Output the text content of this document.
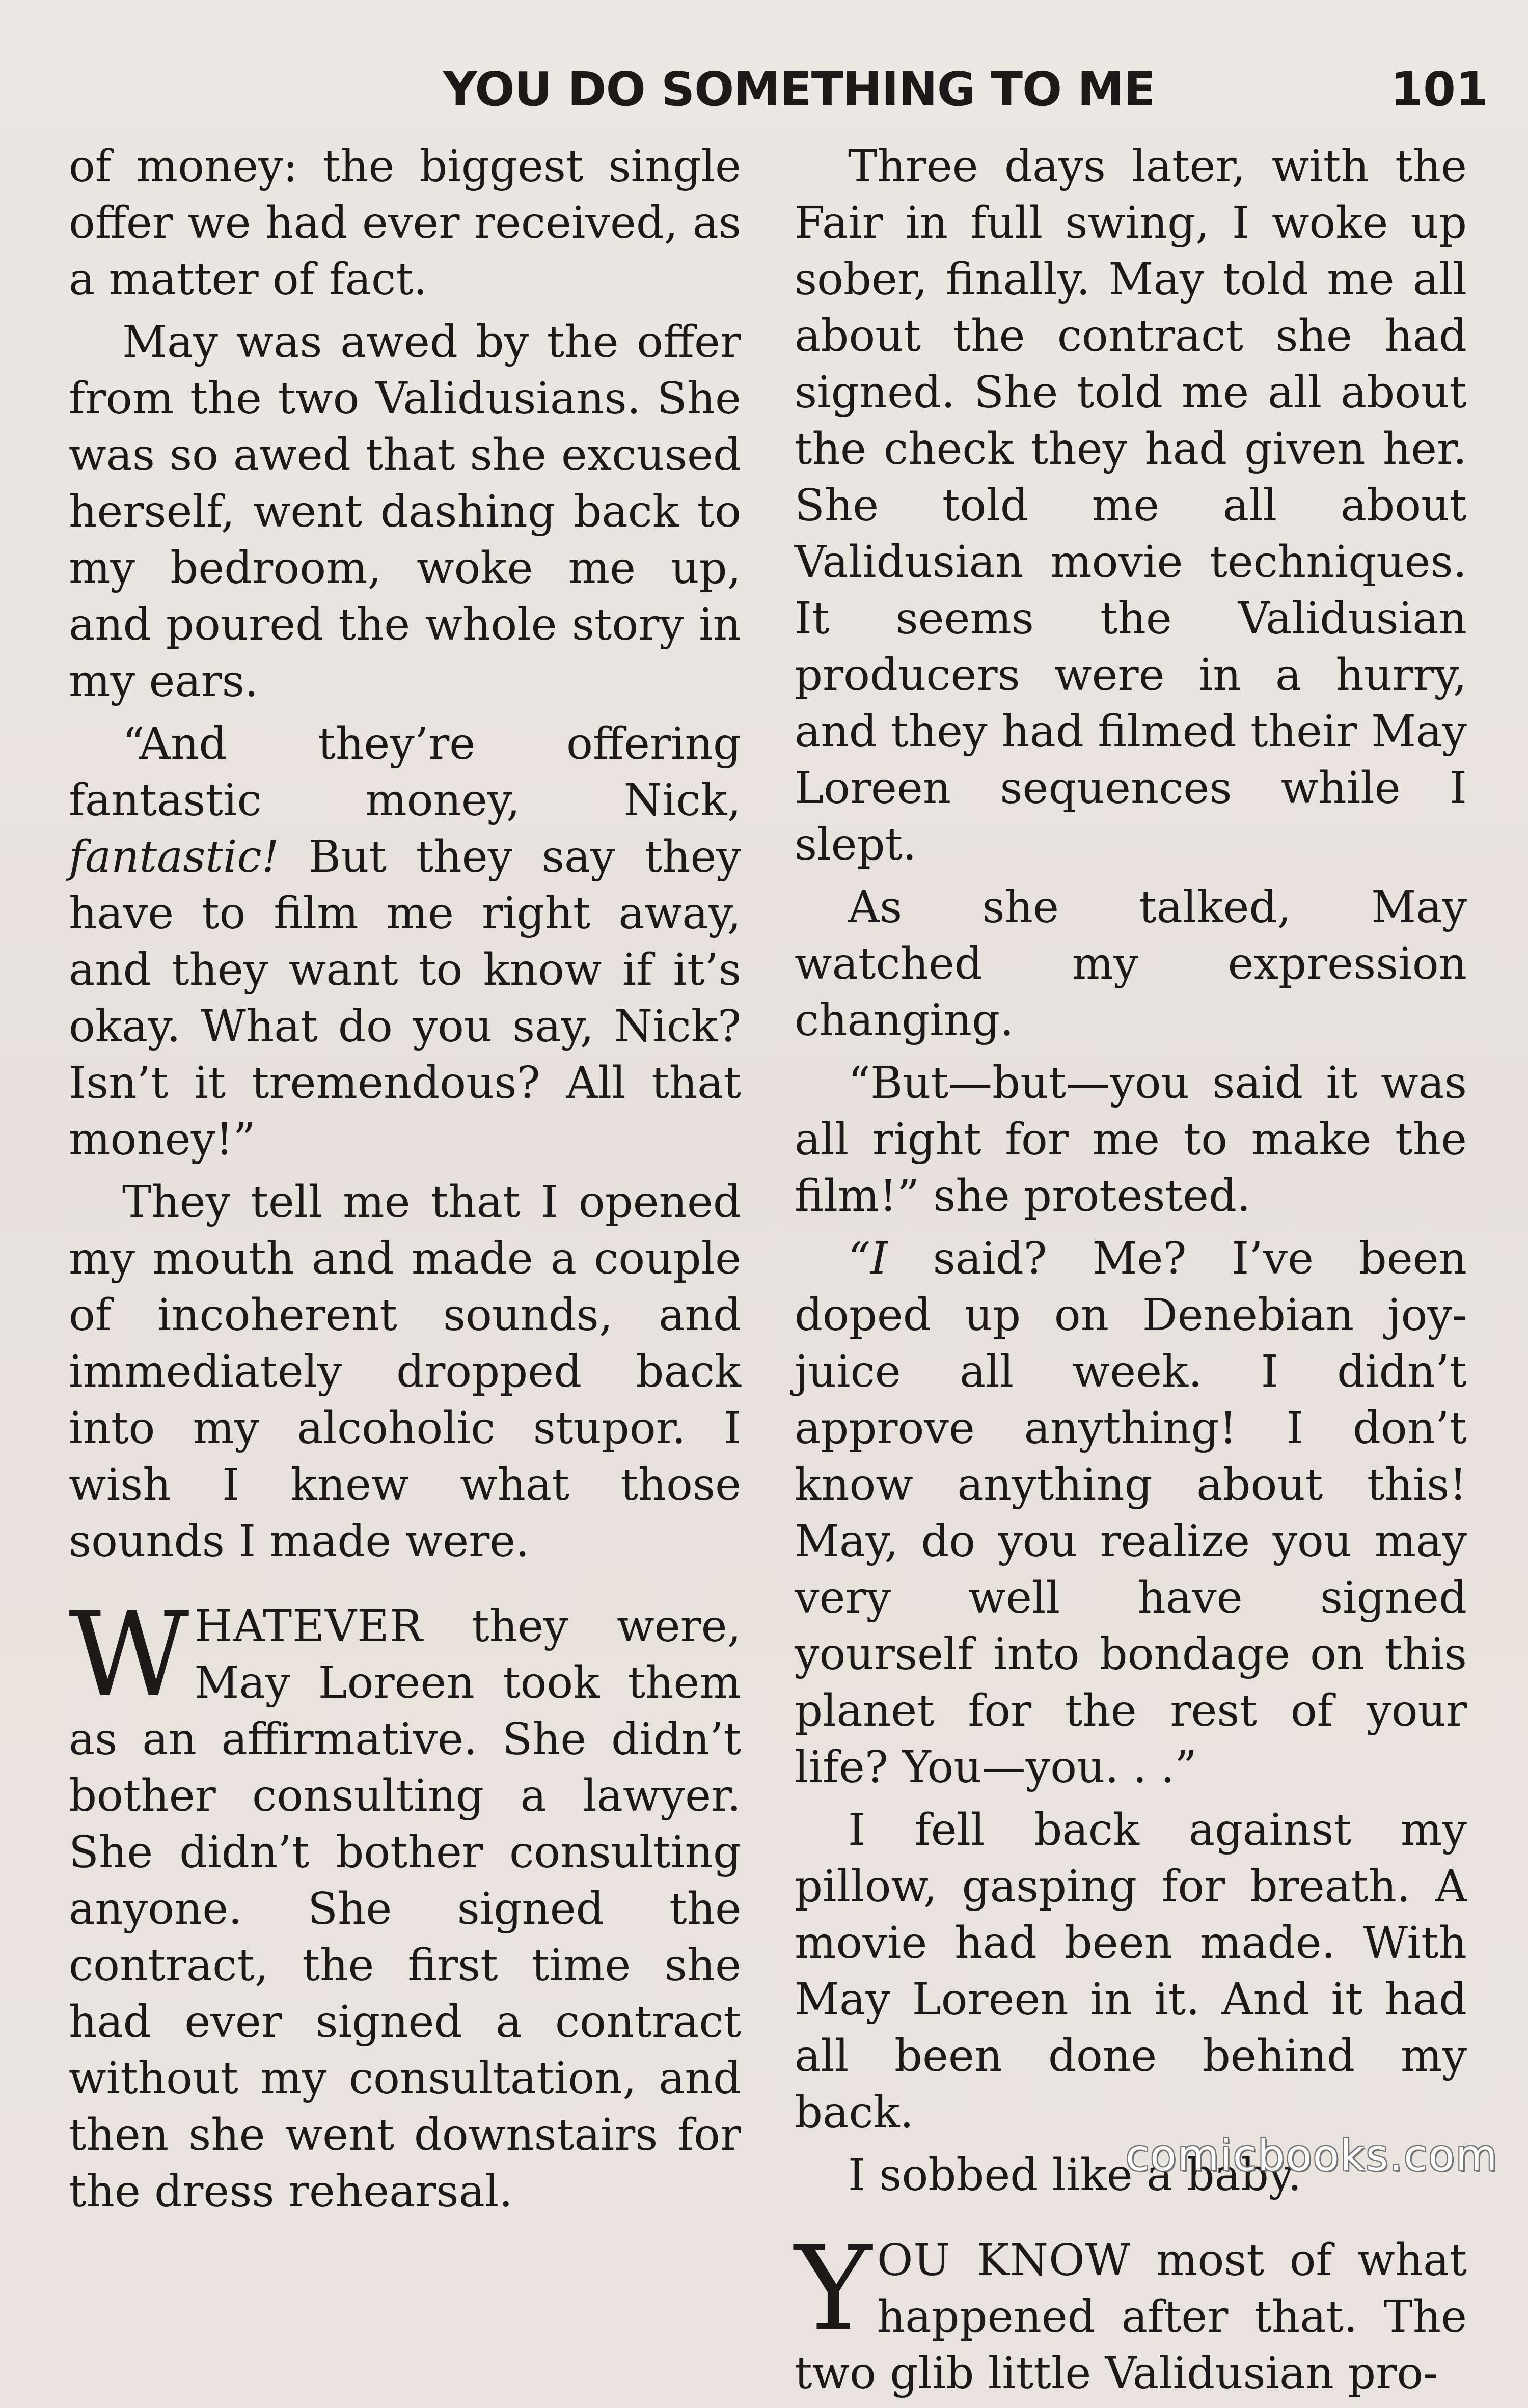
YOU DO SOMETHING TO ME	101

of money: the biggest single offer we had ever received, as a matter of fact.

May was awed by the offer from the two Validusians. She was so awed that she excused herself, went dashing back to my bedroom, woke me up, and poured the whole story in my ears.

“And they’re offering fantastic money, Nick, fantastic! But they say they have to film me right away, and they want to know if it’s okay. What do you say, Nick? Isn’t it tremendous? All that money!”

They tell me that I opened my mouth and made a couple of incoherent sounds, and immediately dropped back into my alcoholic stupor. I wish I knew what those sounds I made were.

WHATEVER they were, May Loreen took them as an affirmative. She didn’t bother consulting a lawyer. She didn’t bother consulting anyone. She signed the contract, the first time she had ever signed a contract without my consultation, and then she went downstairs for the dress rehearsal.

Three days later, with the Fair in full swing, I woke up sober, finally. May told me all about the contract she had signed. She told me all about the check they had given her. She told me all about Validusian movie techniques. It seems the Validusian producers were in a hurry, and they had filmed their May Loreen sequences while I slept.

As she talked, May watched my expression changing.

“But—but—you said it was all right for me to make the film!” she protested.

“I said? Me? I’ve been doped up on Denebian joy-juice all week. I didn’t approve anything! I don’t know anything about this! May, do you realize you may very well have signed yourself into bondage on this planet for the rest of your life? You—you. . .”

I fell back against my pillow, gasping for breath. A movie had been made. With May Loreen in it. And it had all been done behind my back.

I sobbed like a baby.

YOU KNOW most of what happened after that. The two glib little Validusian pro-

comicbooks.com
